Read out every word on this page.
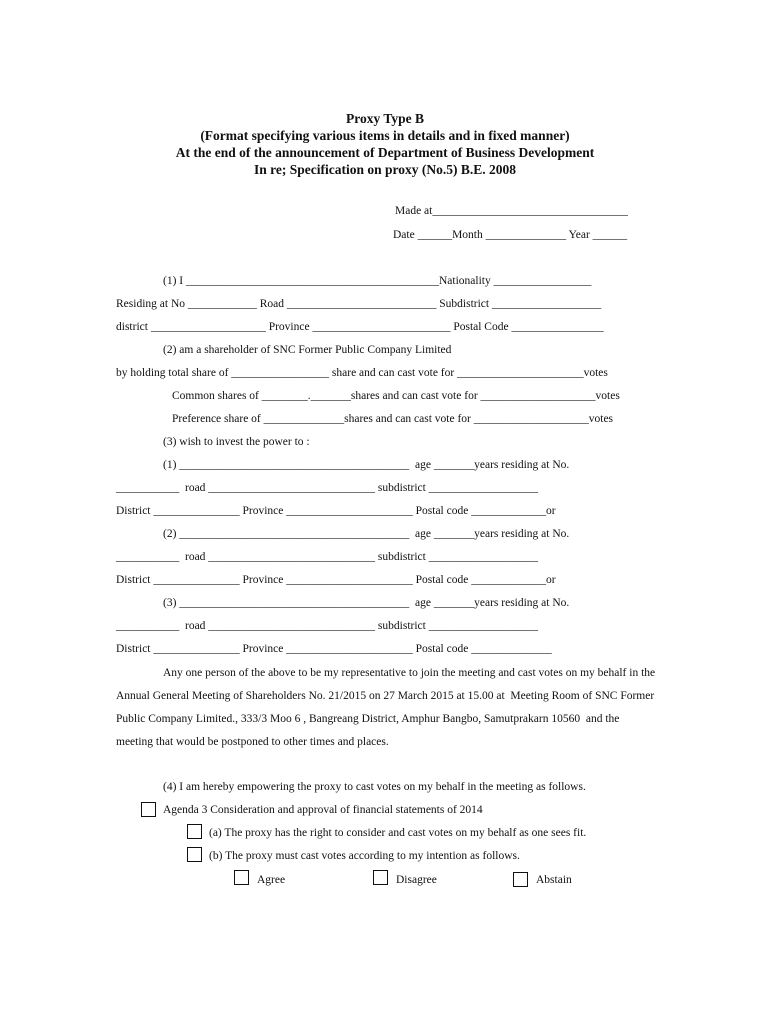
Proxy Type B
(Format specifying various items in details and in fixed manner)
At the end of the announcement of Department of Business Development
In re; Specification on proxy (No.5) B.E. 2008
Made at__________________________________
Date ______Month ______________ Year ______
(1) I ____________________________________________Nationality _________________
Residing at No ____________ Road __________________________ Subdistrict ___________________
district ____________________ Province ________________________ Postal Code ________________
(2) am a shareholder of SNC Former Public Company Limited
by holding total share of _________________ share and can cast vote for ______________________votes
Common shares of ________._______shares and can cast vote for ____________________votes
Preference share of ______________shares and can cast vote for ____________________votes
(3) wish to invest the power to :
(1) ________________________________________  age _______years residing at No.
___________  road _____________________________ subdistrict ___________________
District _______________ Province ______________________ Postal code _____________or
(2) ________________________________________  age _______years residing at No.
___________  road _____________________________ subdistrict ___________________
District _______________ Province ______________________ Postal code _____________or
(3) ________________________________________  age _______years residing at No.
___________  road _____________________________ subdistrict ___________________
District _______________ Province ______________________ Postal code ______________
Any one person of the above to be my representative to join the meeting and cast votes on my behalf in the
Annual General Meeting of Shareholders No. 21/2015 on 27 March 2015 at 15.00 at  Meeting Room of SNC Former
Public Company Limited., 333/3 Moo 6 , Bangreang District, Amphur Bangbo, Samutprakarn 10560  and the
meeting that would be postponed to other times and places.
(4) I am hereby empowering the proxy to cast votes on my behalf in the meeting as follows.
Agenda 3 Consideration and approval of financial statements of 2014
(a) The proxy has the right to consider and cast votes on my behalf as one sees fit.
(b) The proxy must cast votes according to my intention as follows.
Agree	Disagree	Abstain
